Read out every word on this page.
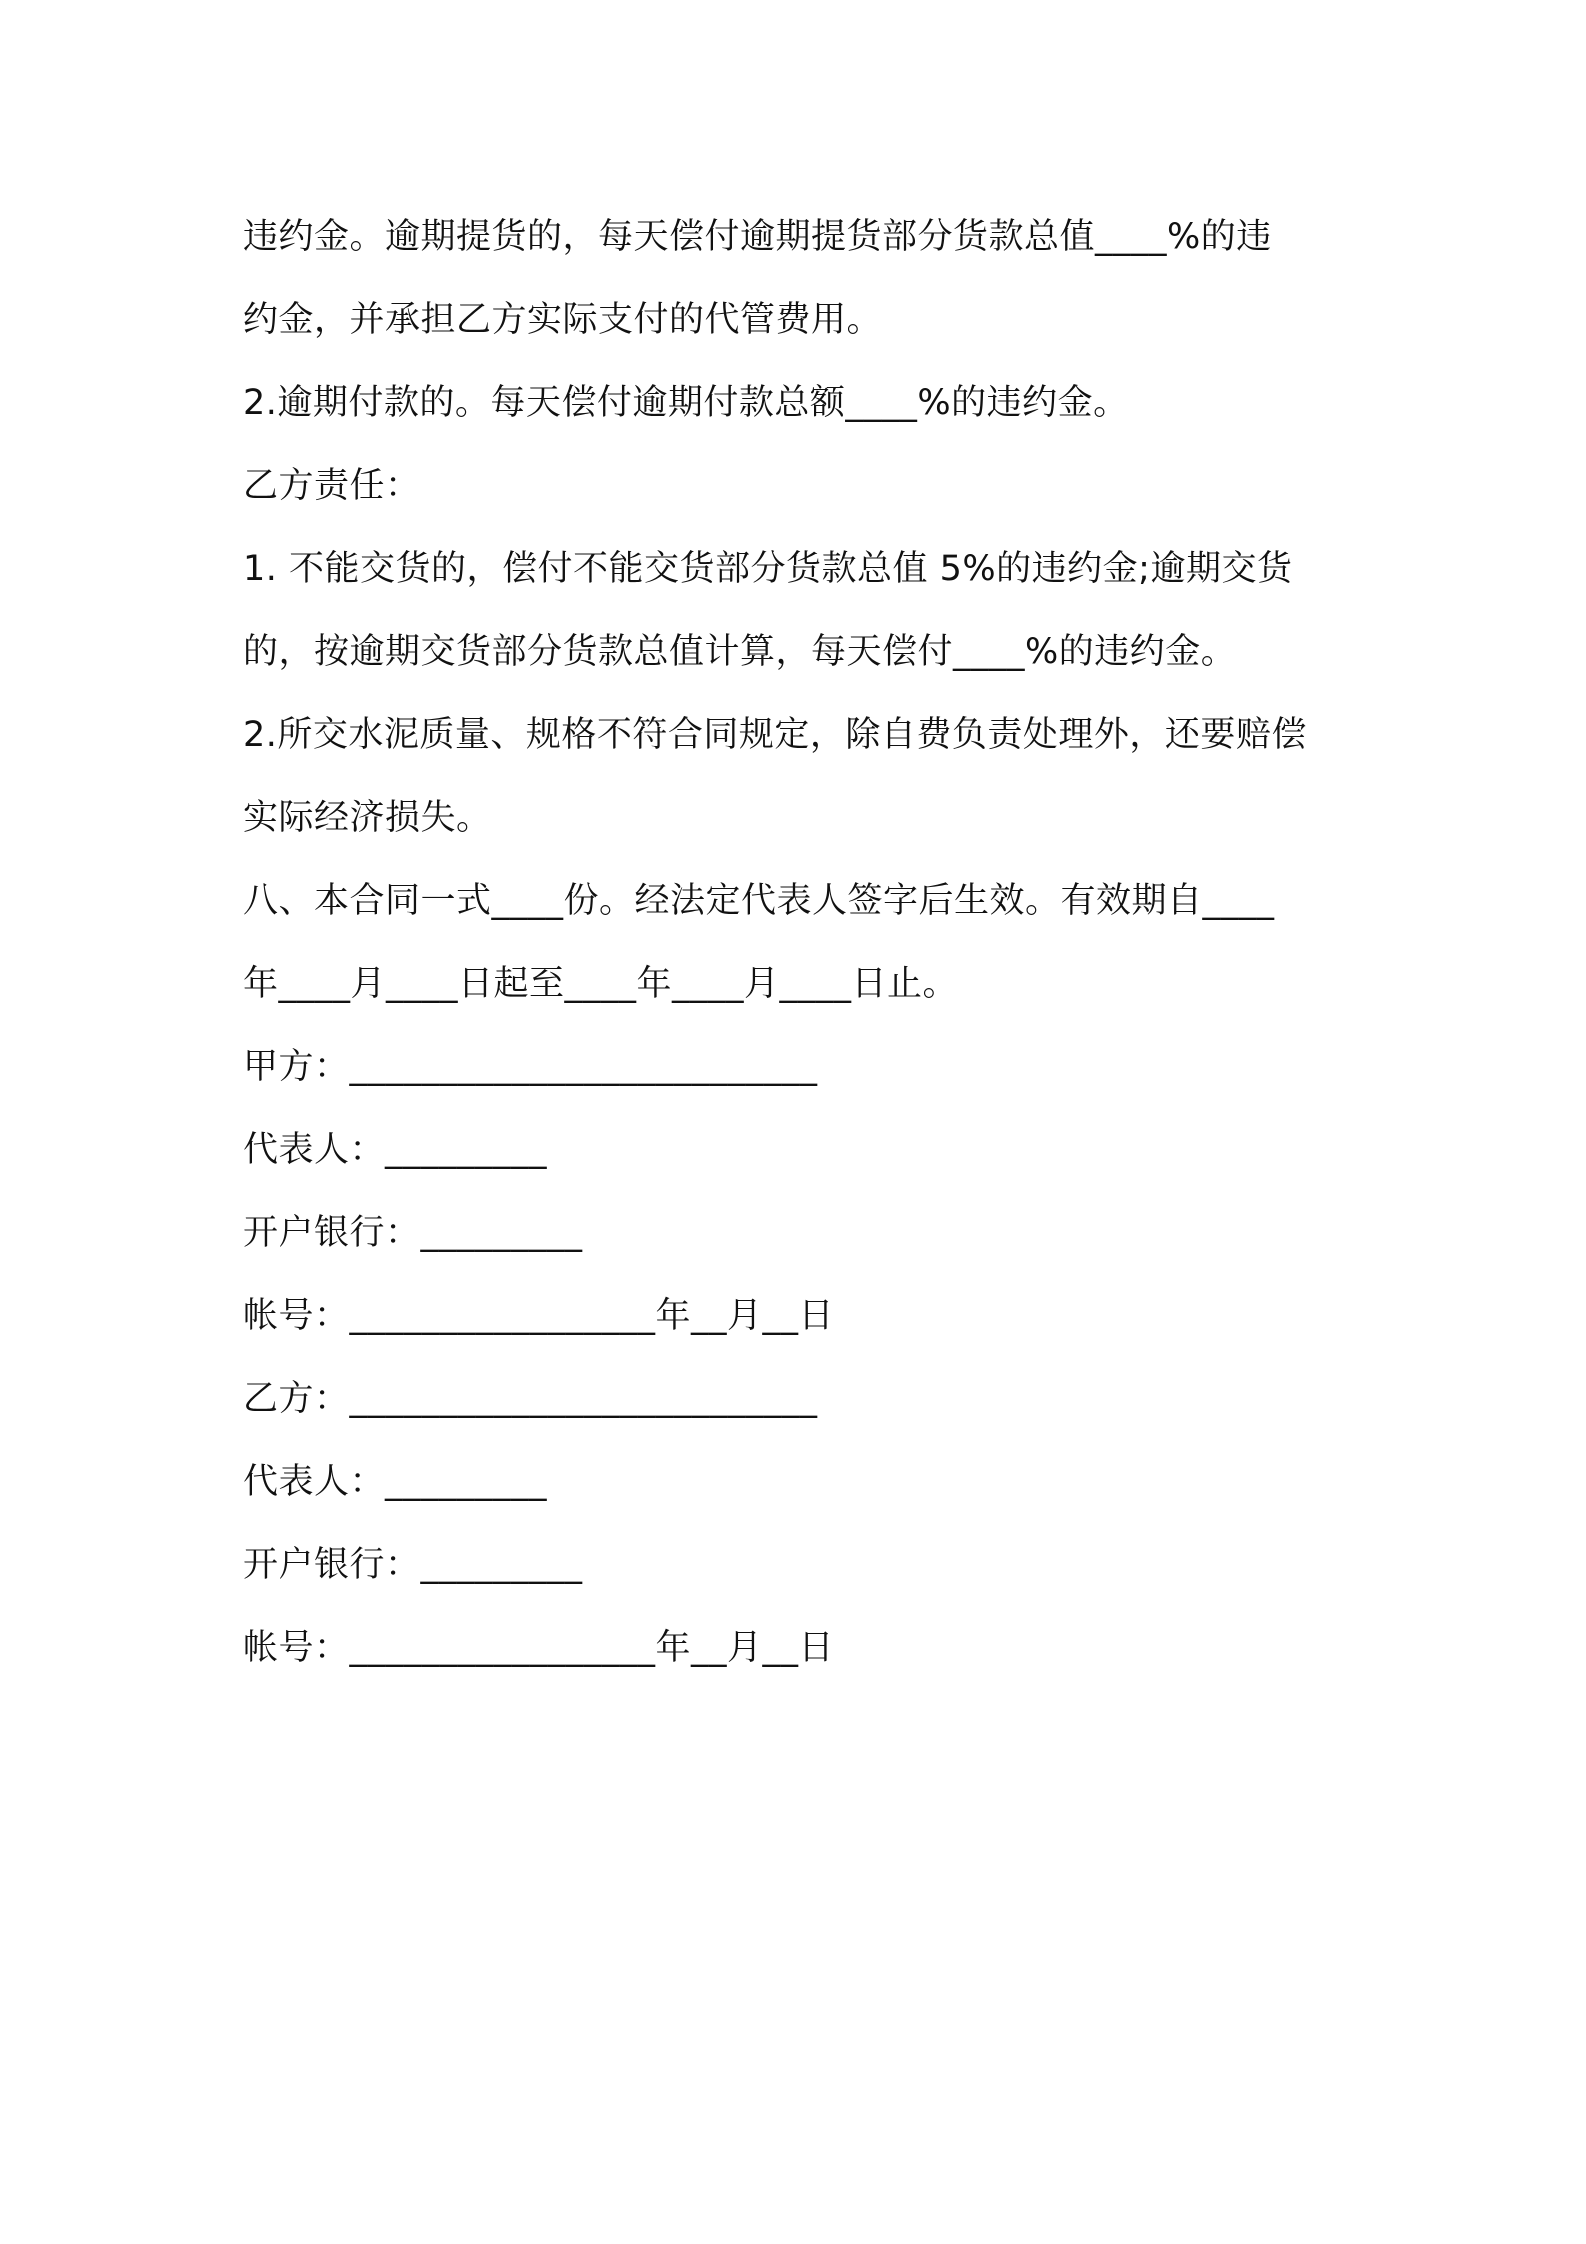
违约金。逾期提货的，每天偿付逾期提货部分货款总值____%的违
约金，并承担乙方实际支付的代管费用。
2.逾期付款的。每天偿付逾期付款总额____%的违约金。
乙方责任：
1. 不能交货的，偿付不能交货部分货款总值 5%的违约金;逾期交货
的，按逾期交货部分货款总值计算，每天偿付____%的违约金。
2.所交水泥质量、规格不符合同规定，除自费负责处理外，还要赔偿
实际经济损失。
八、本合同一式____份。经法定代表人签字后生效。有效期自____
年____月____日起至____年____月____日止。
甲方：__________________________
代表人：_________
开户银行：_________
帐号：_________________年__月__日
乙方：__________________________
代表人：_________
开户银行：_________
帐号：_________________年__月__日
